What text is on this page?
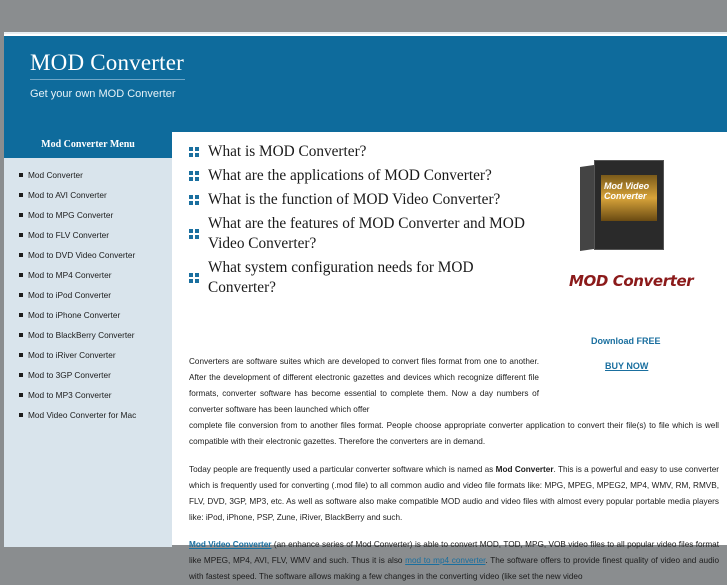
MOD Converter
Get your own MOD Converter
Mod Converter Menu
Mod Converter
Mod to AVI Converter
Mod to MPG Converter
Mod to FLV Converter
Mod to DVD Video Converter
Mod to MP4 Converter
Mod to iPod Converter
Mod to iPhone Converter
Mod to BlackBerry Converter
Mod to iRiver Converter
Mod to 3GP Converter
Mod to MP3 Converter
Mod Video Converter for Mac
What is MOD Converter?
What are the applications of MOD Converter?
What is the function of MOD Video Converter?
What are the features of MOD Converter and MOD Video Converter?
What system configuration needs for MOD Converter?
Mod Video Converter
MOD Converter
Download FREE
BUY NOW
Converters are software suites which are developed to convert files format from one to another. After the development of different electronic gazettes and devices which recognize different file formats, converter software has become essential to complete them. Now a day numbers of converter software has been launched which offer
complete file conversion from to another files format. People choose appropriate converter application to convert their file(s) to file which is well compatible with their electronic gazettes. Therefore the converters are in demand.
Today people are frequently used a particular converter software which is named as Mod Converter. This is a powerful and easy to use converter which is frequently used for converting (.mod file) to all common audio and video file formats like: MPG, MPEG, MPEG2, MP4, WMV, RM, RMVB, FLV, DVD, 3GP, MP3, etc. As well as software also make compatible MOD audio and video files with almost every popular portable media players like: iPod, iPhone, PSP, Zune, iRiver, BlackBerry and such.
Mod Video Converter (an enhance series of Mod Converter) is able to convert MOD, TOD, MPG, VOB video files to all popular video files format like MPEG, MP4, AVI, FLV, WMV and such. Thus it is also mod to mp4 converter. The software offers to provide finest quality of video and audio with fastest speed. The software allows making a few changes in the converting video (like set the new video
